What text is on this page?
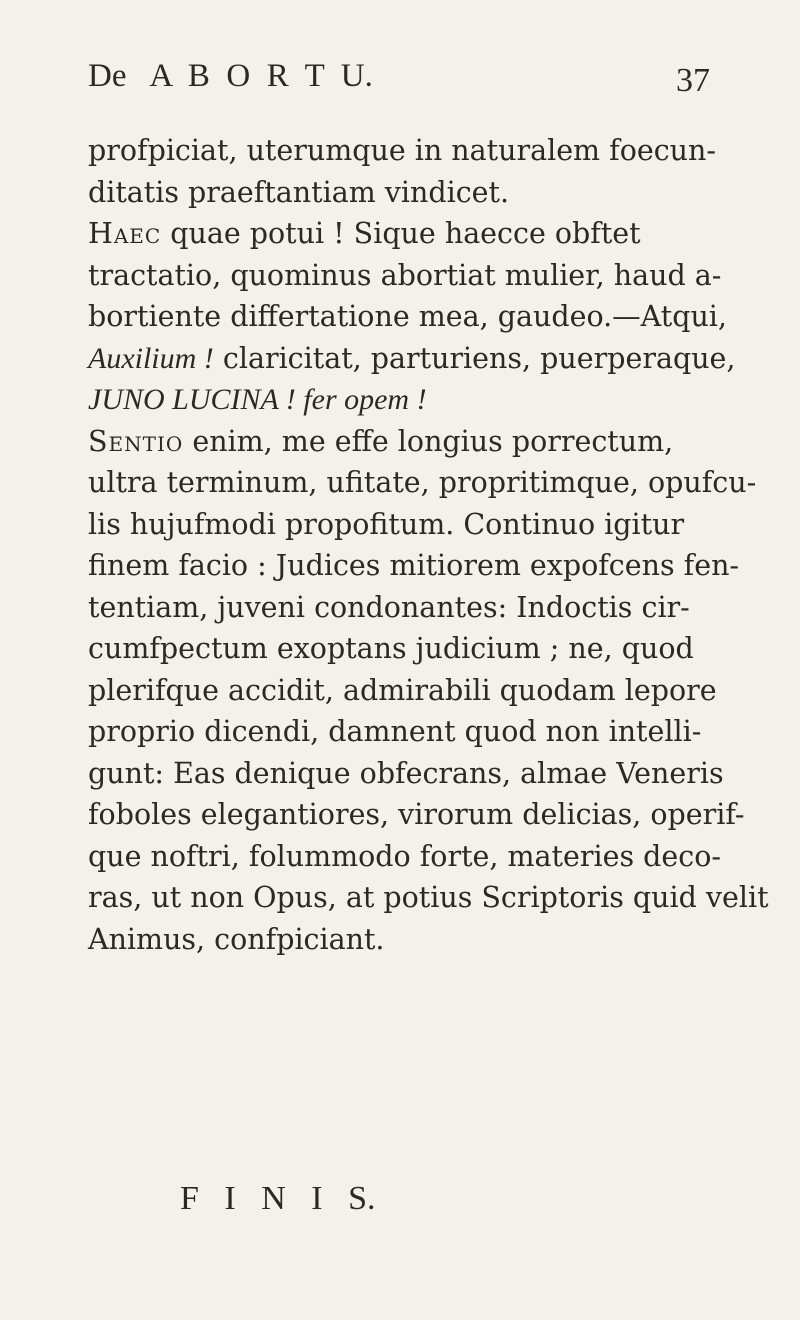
De   A  B  O  R  T  U.	37
profpiciat, uterumque in naturalem foecun-
ditatis praeftantiam vindicet.
Haec quae potui ! Sique haecce obftet
tractatio, quominus abortiat mulier, haud a-
bortiente differtatione mea, gaudeo.—Atqui,
Auxilium ! claricitat, parturiens, puerperaque,
JUNO LUCINA ! fer opem !
Sentio enim, me effe longius porrectum,
ultra terminum, ufitate, propritimque, opufcu-
lis hujufmodi propofitum. Continuo igitur
finem facio : Judices mitiorem expofcens fen-
tentiam, juveni condonantes: Indoctis cir-
cumfpectum exoptans judicium ; ne, quod
plerifque accidit, admirabili quodam lepore
proprio dicendi, damnent quod non intelli-
gunt: Eas denique obfecrans, almae Veneris
foboles elegantiores, virorum delicias, operif-
que noftri, folummodo forte, materies deco-
ras, ut non Opus, at potius Scriptoris quid velit
Animus, confpiciant.
F   I   N   I   S.
